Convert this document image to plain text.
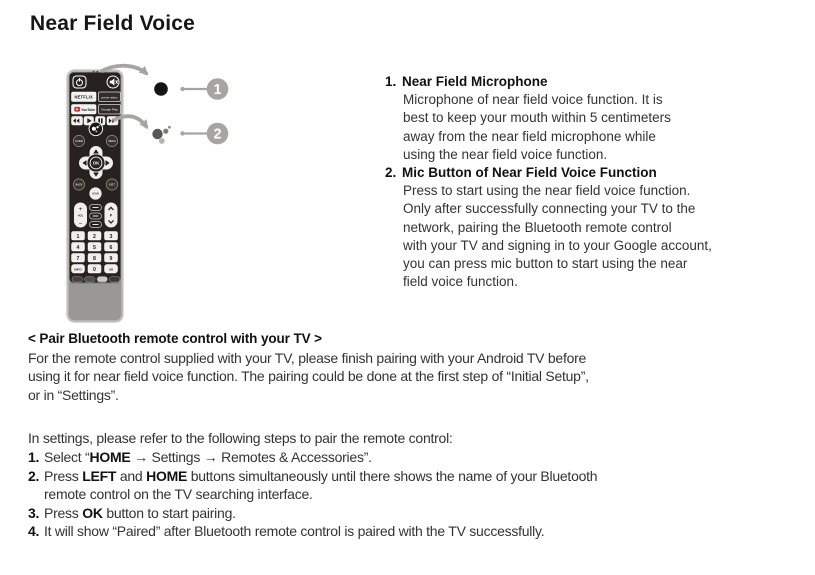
Near Field Voice
NETFLIX	prime video
YouTube Google Play
GUIDE	MENU
OK
BACK	EXIT
HOME
+
VOL
−
P
1	2	3
4	5	6
7	8	9
INFO 0	AD
1
2
1. Near Field Microphone
Microphone of near field voice function. It is
best to keep your mouth within 5 centimeters
away from the near field microphone while
using the near field voice function.
2. Mic Button of Near Field Voice Function
Press to start using the near field voice function.
Only after successfully connecting your TV to the
network, pairing the Bluetooth remote control
with your TV and signing in to your Google account,
you can press mic button to start using the near
field voice function.
< Pair Bluetooth remote control with your TV >
For the remote control supplied with your TV, please finish pairing with your Android TV before
using it for near field voice function. The pairing could be done at the first step of “Initial Setup”,
or in “Settings”.
In settings, please refer to the following steps to pair the remote control:
1. Select “HOME → Settings → Remotes & Accessories”.
2. Press LEFT and HOME buttons simultaneously until there shows the name of your Bluetooth
remote control on the TV searching interface.
3. Press OK button to start pairing.
4. It will show “Paired” after Bluetooth remote control is paired with the TV successfully.
